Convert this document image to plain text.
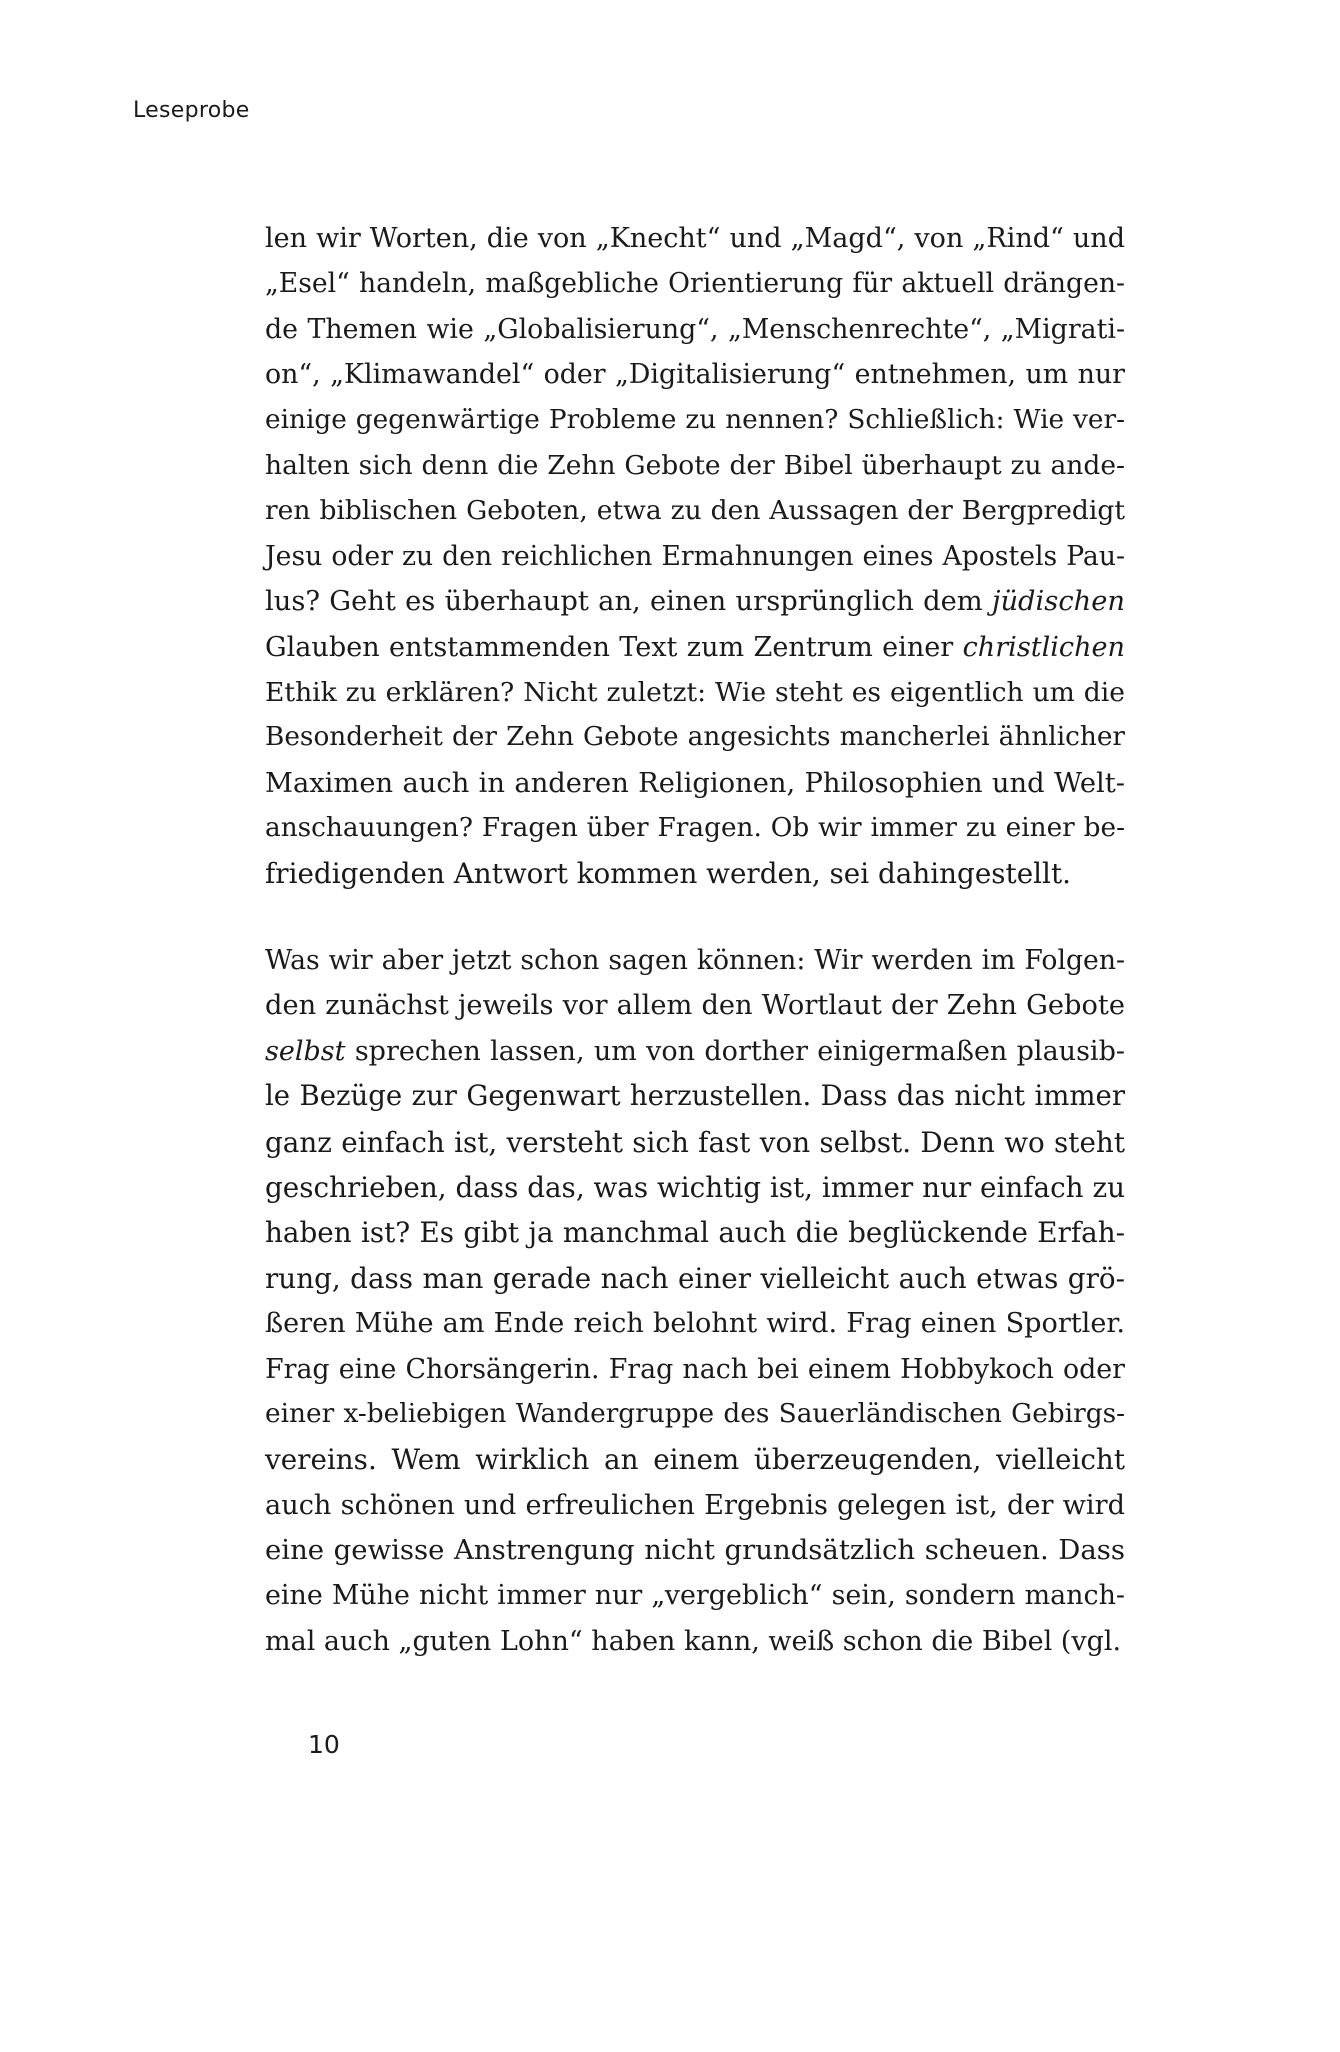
Leseprobe
len wir Worten, die von „Knecht“ und „Magd“, von „Rind“ und
„Esel“ handeln, maßgebliche Orientierung für aktuell drängen-
de Themen wie „Globalisierung“, „Menschenrechte“, „Migrati-
on“, „Klimawandel“ oder „Digitalisierung“ entnehmen, um nur
einige gegenwärtige Probleme zu nennen? Schließlich: Wie ver-
halten sich denn die Zehn Gebote der Bibel überhaupt zu ande-
ren biblischen Geboten, etwa zu den Aussagen der Bergpredigt
Jesu oder zu den reichlichen Ermahnungen eines Apostels Pau-
lus? Geht es überhaupt an, einen ursprünglich dem jüdischen
Glauben entstammenden Text zum Zentrum einer christlichen
Ethik zu erklären? Nicht zuletzt: Wie steht es eigentlich um die
Besonderheit der Zehn Gebote angesichts mancherlei ähnlicher
Maximen auch in anderen Religionen, Philosophien und Welt-
anschauungen? Fragen über Fragen. Ob wir immer zu einer be-
friedigenden Antwort kommen werden, sei dahingestellt.
Was wir aber jetzt schon sagen können: Wir werden im Folgen-
den zunächst jeweils vor allem den Wortlaut der Zehn Gebote
selbst sprechen lassen, um von dorther einigermaßen plausib-
le Bezüge zur Gegenwart herzustellen. Dass das nicht immer
ganz einfach ist, versteht sich fast von selbst. Denn wo steht
geschrieben, dass das, was wichtig ist, immer nur einfach zu
haben ist? Es gibt ja manchmal auch die beglückende Erfah-
rung, dass man gerade nach einer vielleicht auch etwas grö-
ßeren Mühe am Ende reich belohnt wird. Frag einen Sportler.
Frag eine Chorsängerin. Frag nach bei einem Hobbykoch oder
einer x-beliebigen Wandergruppe des Sauerländischen Gebirgs-
vereins. Wem wirklich an einem überzeugenden, vielleicht
auch schönen und erfreulichen Ergebnis gelegen ist, der wird
eine gewisse Anstrengung nicht grundsätzlich scheuen. Dass
eine Mühe nicht immer nur „vergeblich“ sein, sondern manch-
mal auch „guten Lohn“ haben kann, weiß schon die Bibel (vgl.
10
